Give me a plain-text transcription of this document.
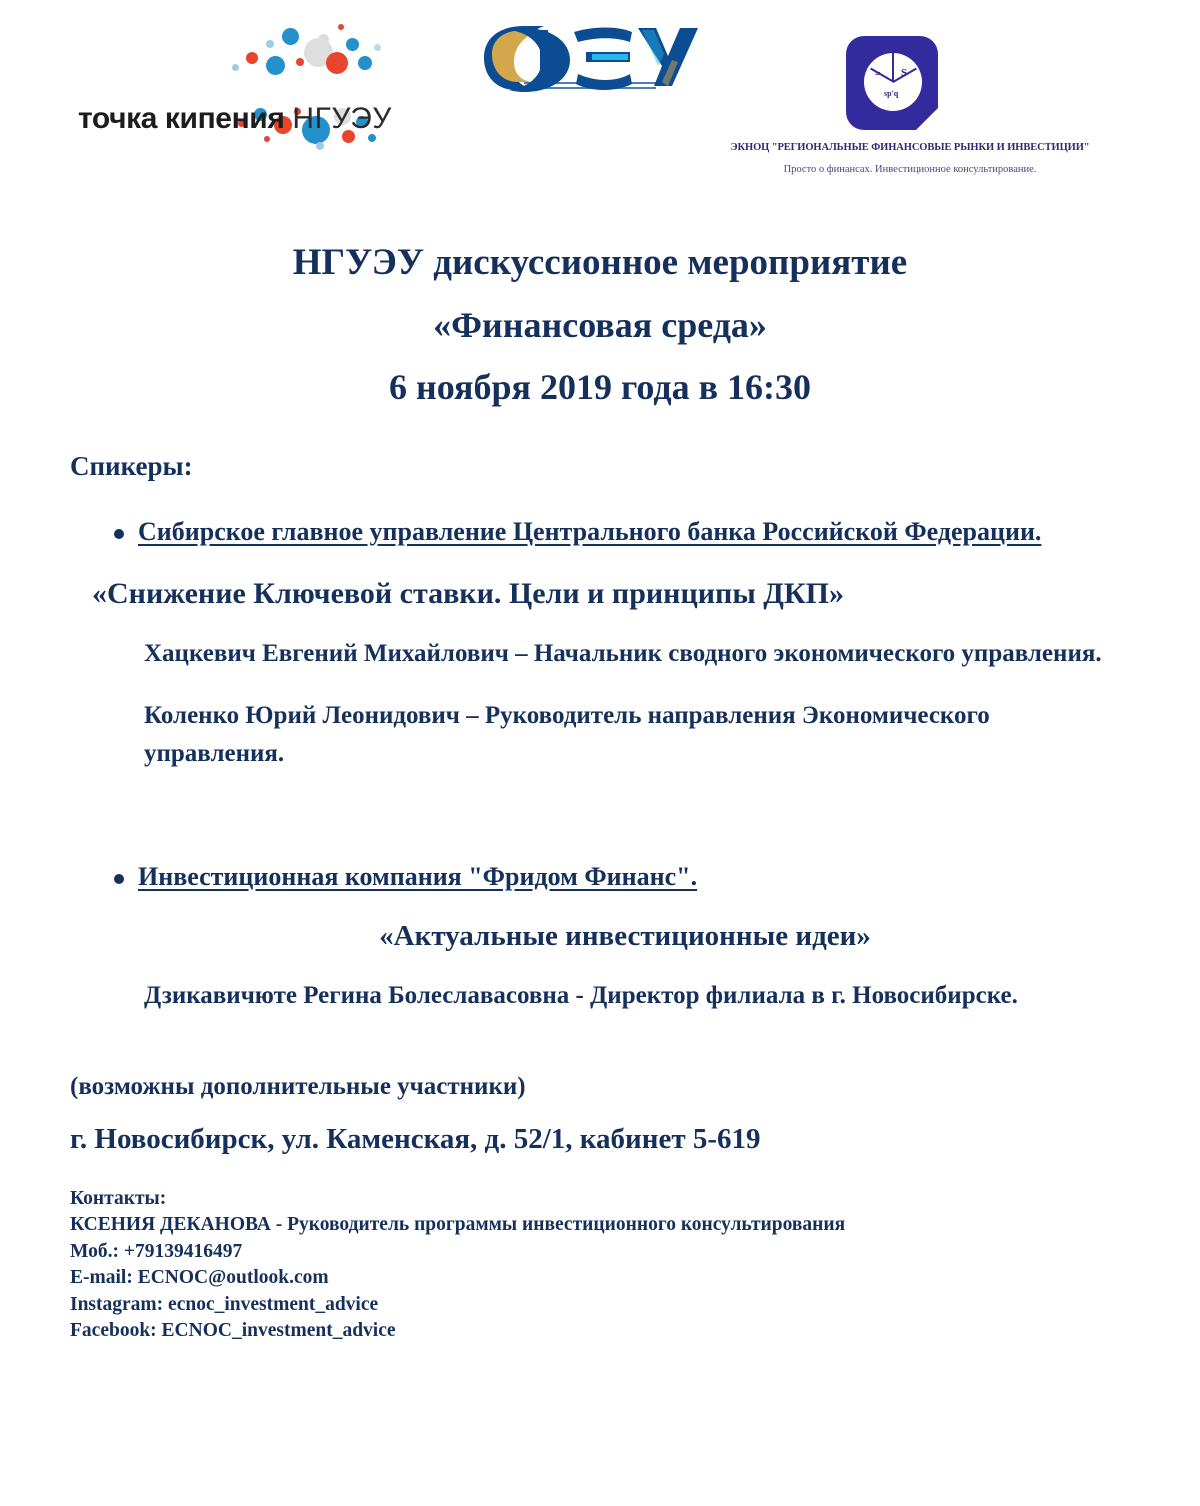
точка кипения НГУЭУ
= S
sp'q
ЭКНОЦ "РЕГИОНАЛЬНЫЕ ФИНАНСОВЫЕ РЫНКИ И ИНВЕСТИЦИИ"
Просто о финансах. Инвестиционное консультирование.
НГУЭУ дискуссионное мероприятие
«Финансовая среда»
6 ноября 2019 года в 16:30
Спикеры:
Сибирское главное управление Центрального банка Российской Федерации.
«Снижение Ключевой ставки. Цели и принципы ДКП»
Хацкевич Евгений Михайлович – Начальник сводного экономического управления.
Коленко Юрий Леонидович – Руководитель направления Экономического управления.
Инвестиционная компания "Фридом Финанс".
«Актуальные инвестиционные идеи»
Дзикавичюте Регина Болеславасовна - Директор филиала в г. Новосибирске.
(возможны дополнительные участники)
г. Новосибирск, ул. Каменская, д. 52/1, кабинет 5-619
Контакты:
КСЕНИЯ ДЕКАНОВА - Руководитель программы инвестиционного консультирования
Моб.: +79139416497
E-mail: ECNOC@outlook.com
Instagram: ecnoc_investment_advice
Facebook: ECNOC_investment_advice
